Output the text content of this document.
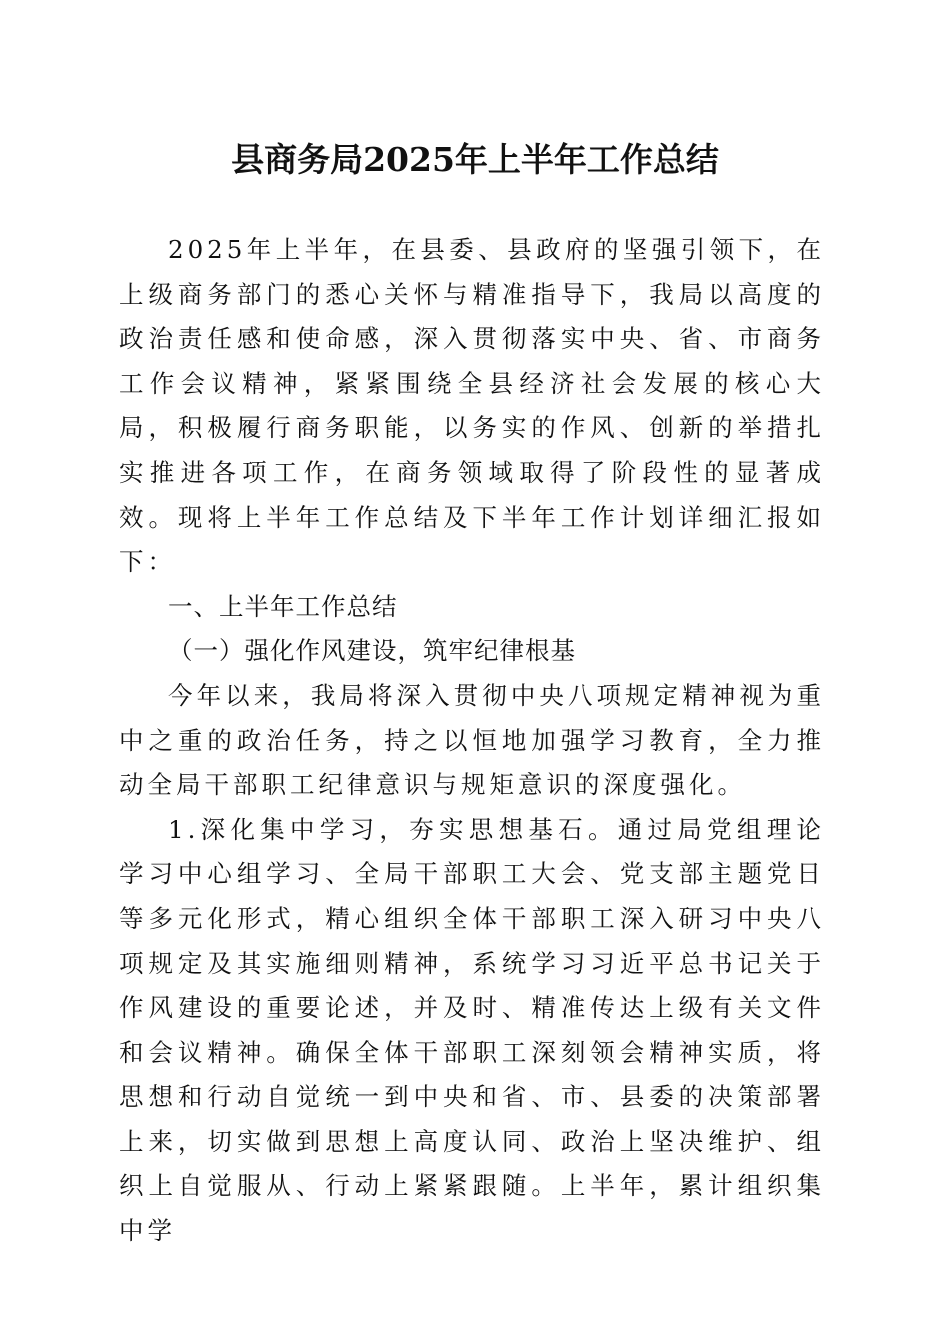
县商务局2025年上半年工作总结

2025年上半年，在县委、县政府的坚强引领下，在上级商务部门的悉心关怀与精准指导下，我局以高度的政治责任感和使命感，深入贯彻落实中央、省、市商务工作会议精神，紧紧围绕全县经济社会发展的核心大局，积极履行商务职能，以务实的作风、创新的举措扎实推进各项工作，在商务领域取得了阶段性的显著成效。现将上半年工作总结及下半年工作计划详细汇报如下：

一、上半年工作总结

（一）强化作风建设，筑牢纪律根基

今年以来，我局将深入贯彻中央八项规定精神视为重中之重的政治任务，持之以恒地加强学习教育，全力推动全局干部职工纪律意识与规矩意识的深度强化。

1.深化集中学习，夯实思想基石。通过局党组理论学习中心组学习、全局干部职工大会、党支部主题党日等多元化形式，精心组织全体干部职工深入研习中央八项规定及其实施细则精神，系统学习习近平总书记关于作风建设的重要论述，并及时、精准传达上级有关文件和会议精神。确保全体干部职工深刻领会精神实质，将思想和行动自觉统一到中央和省、市、县委的决策部署上来，切实做到思想上高度认同、政治上坚决维护、组织上自觉服从、行动上紧紧跟随。上半年，累计组织集中学
